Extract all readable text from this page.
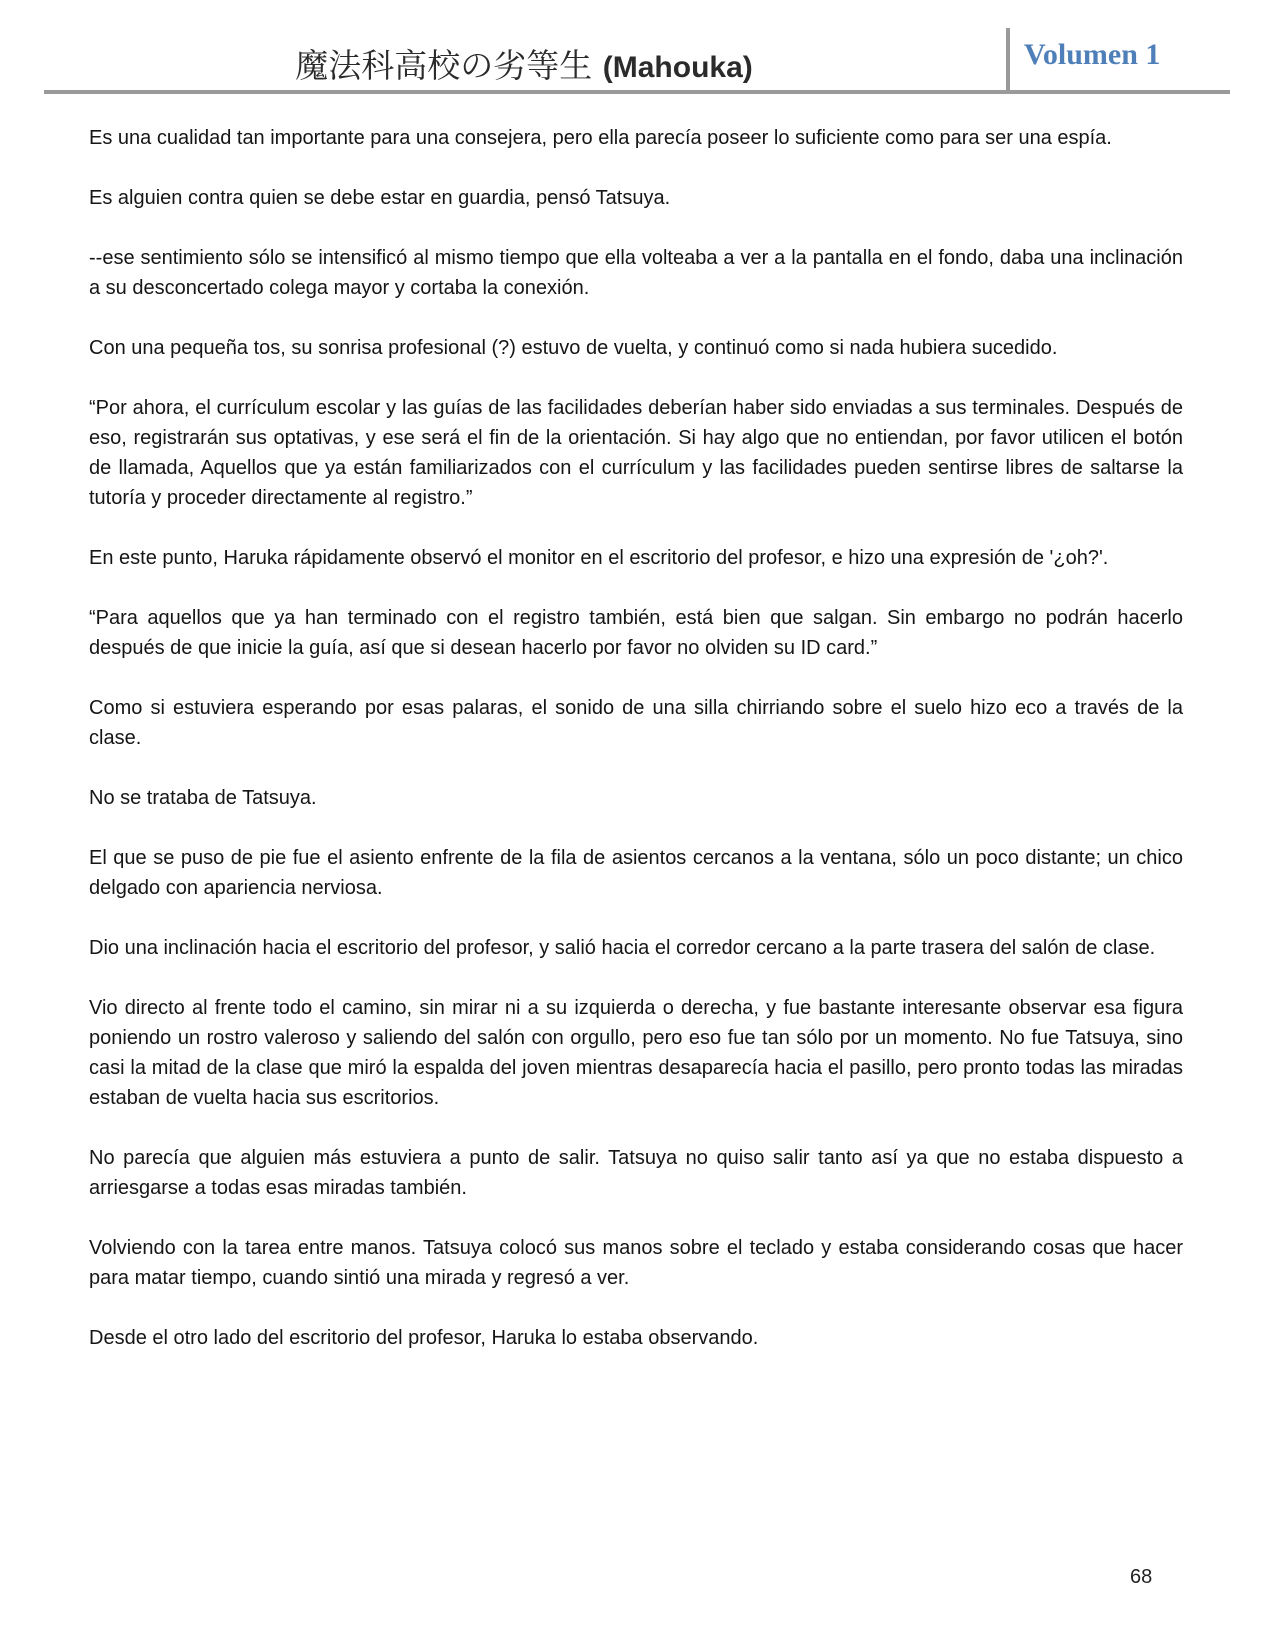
魔法科高校の劣等生 (Mahouka)	Volumen 1

Es una cualidad tan importante para una consejera, pero ella parecía poseer lo suficiente como para ser una espía.

Es alguien contra quien se debe estar en guardia, pensó Tatsuya.

--ese sentimiento sólo se intensificó al mismo tiempo que ella volteaba a ver a la pantalla en el fondo, daba una inclinación a su desconcertado colega mayor y cortaba la conexión.

Con una pequeña tos, su sonrisa profesional (?) estuvo de vuelta, y continuó como si nada hubiera sucedido.

“Por ahora, el currículum escolar y las guías de las facilidades deberían haber sido enviadas a sus terminales. Después de eso, registrarán sus optativas, y ese será el fin de la orientación. Si hay algo que no entiendan, por favor utilicen el botón de llamada, Aquellos que ya están familiarizados con el currículum y las facilidades pueden sentirse libres de saltarse la tutoría y proceder directamente al registro.”

En este punto, Haruka rápidamente observó el monitor en el escritorio del profesor, e hizo una expresión de '¿oh?'.

“Para aquellos que ya han terminado con el registro también, está bien que salgan. Sin embargo no podrán hacerlo después de que inicie la guía, así que si desean hacerlo por favor no olviden su ID card.”

Como si estuviera esperando por esas palaras, el sonido de una silla chirriando sobre el suelo hizo eco a través de la clase.

No se trataba de Tatsuya.

El que se puso de pie fue el asiento enfrente de la fila de asientos cercanos a la ventana, sólo un poco distante; un chico delgado con apariencia nerviosa.

Dio una inclinación hacia el escritorio del profesor, y salió hacia el corredor cercano a la parte trasera del salón de clase.

Vio directo al frente todo el camino, sin mirar ni a su izquierda o derecha, y fue bastante interesante observar esa figura poniendo un rostro valeroso y saliendo del salón con orgullo, pero eso fue tan sólo por un momento. No fue Tatsuya, sino casi la mitad de la clase que miró la espalda del joven mientras desaparecía hacia el pasillo, pero pronto todas las miradas estaban de vuelta hacia sus escritorios.

No parecía que alguien más estuviera a punto de salir. Tatsuya no quiso salir tanto así ya que no estaba dispuesto a arriesgarse a todas esas miradas también.

Volviendo con la tarea entre manos. Tatsuya colocó sus manos sobre el teclado y estaba considerando cosas que hacer para matar tiempo, cuando sintió una mirada y regresó a ver.

Desde el otro lado del escritorio del profesor, Haruka lo estaba observando.

68
